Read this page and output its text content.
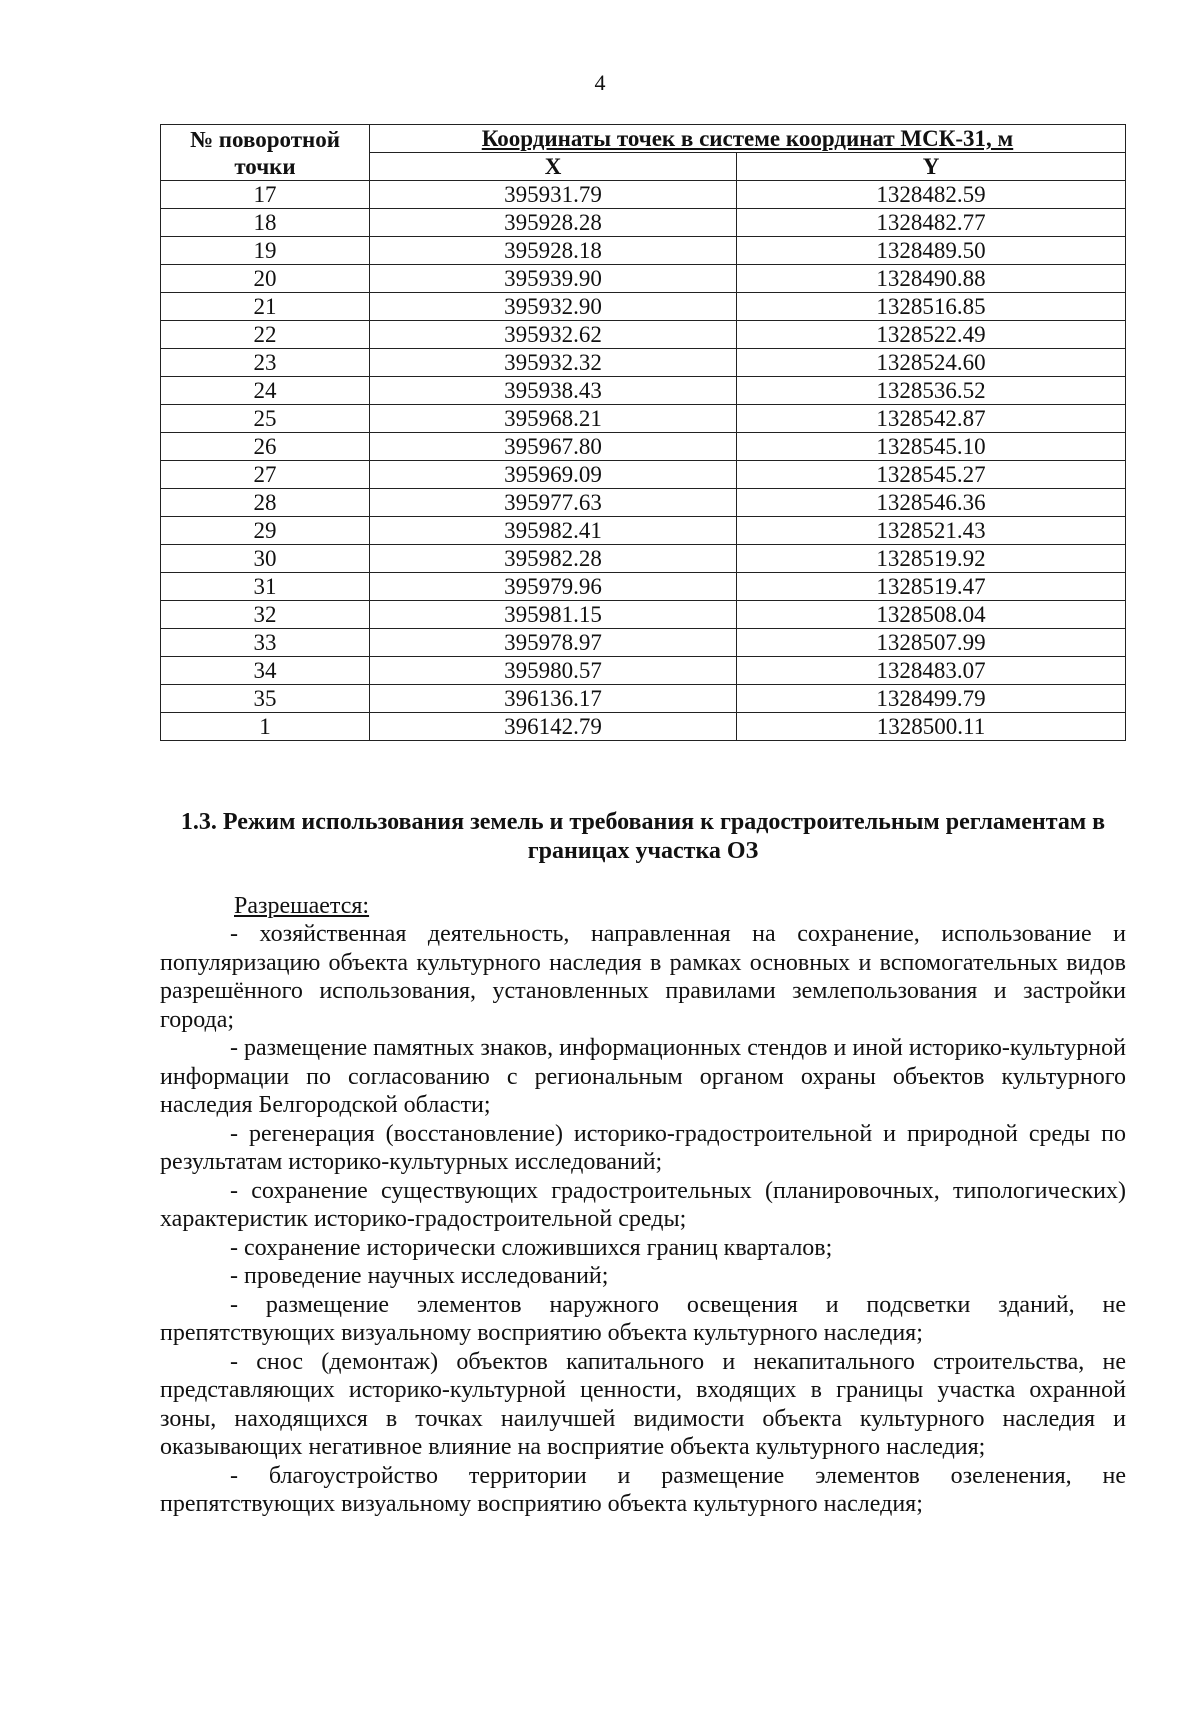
4
№ поворотной точки	Координаты точек в системе координат МСК-31, м	
	X	Y
17	395931.79	1328482.59
18	395928.28	1328482.77
19	395928.18	1328489.50
20	395939.90	1328490.88
21	395932.90	1328516.85
22	395932.62	1328522.49
23	395932.32	1328524.60
24	395938.43	1328536.52
25	395968.21	1328542.87
26	395967.80	1328545.10
27	395969.09	1328545.27
28	395977.63	1328546.36
29	395982.41	1328521.43
30	395982.28	1328519.92
31	395979.96	1328519.47
32	395981.15	1328508.04
33	395978.97	1328507.99
34	395980.57	1328483.07
35	396136.17	1328499.79
1	396142.79	1328500.11
1.3. Режим использования земель и требования к градостроительным регламентам в границах участка ОЗ
Разрешается:

- хозяйственная деятельность, направленная на сохранение, использование и популяризацию объекта культурного наследия в рамках основных и вспомогательных видов разрешённого использования, установленных правилами землепользования и застройки города;

- размещение памятных знаков, информационных стендов и иной историко-культурной информации по согласованию с региональным органом охраны объектов культурного наследия Белгородской области;

- регенерация (восстановление) историко-градостроительной и природной среды по результатам историко-культурных исследований;

- сохранение существующих градостроительных (планировочных, типологических) характеристик историко-градостроительной среды;

- сохранение исторически сложившихся границ кварталов;

- проведение научных исследований;

- размещение элементов наружного освещения и подсветки зданий, не препятствующих визуальному восприятию объекта культурного наследия;

- снос (демонтаж) объектов капитального и некапитального строительства, не представляющих историко-культурной ценности, входящих в границы участка охранной зоны, находящихся в точках наилучшей видимости объекта культурного наследия и оказывающих негативное влияние на восприятие объекта культурного наследия;

- благоустройство территории и размещение элементов озеленения, не препятствующих визуальному восприятию объекта культурного наследия;
